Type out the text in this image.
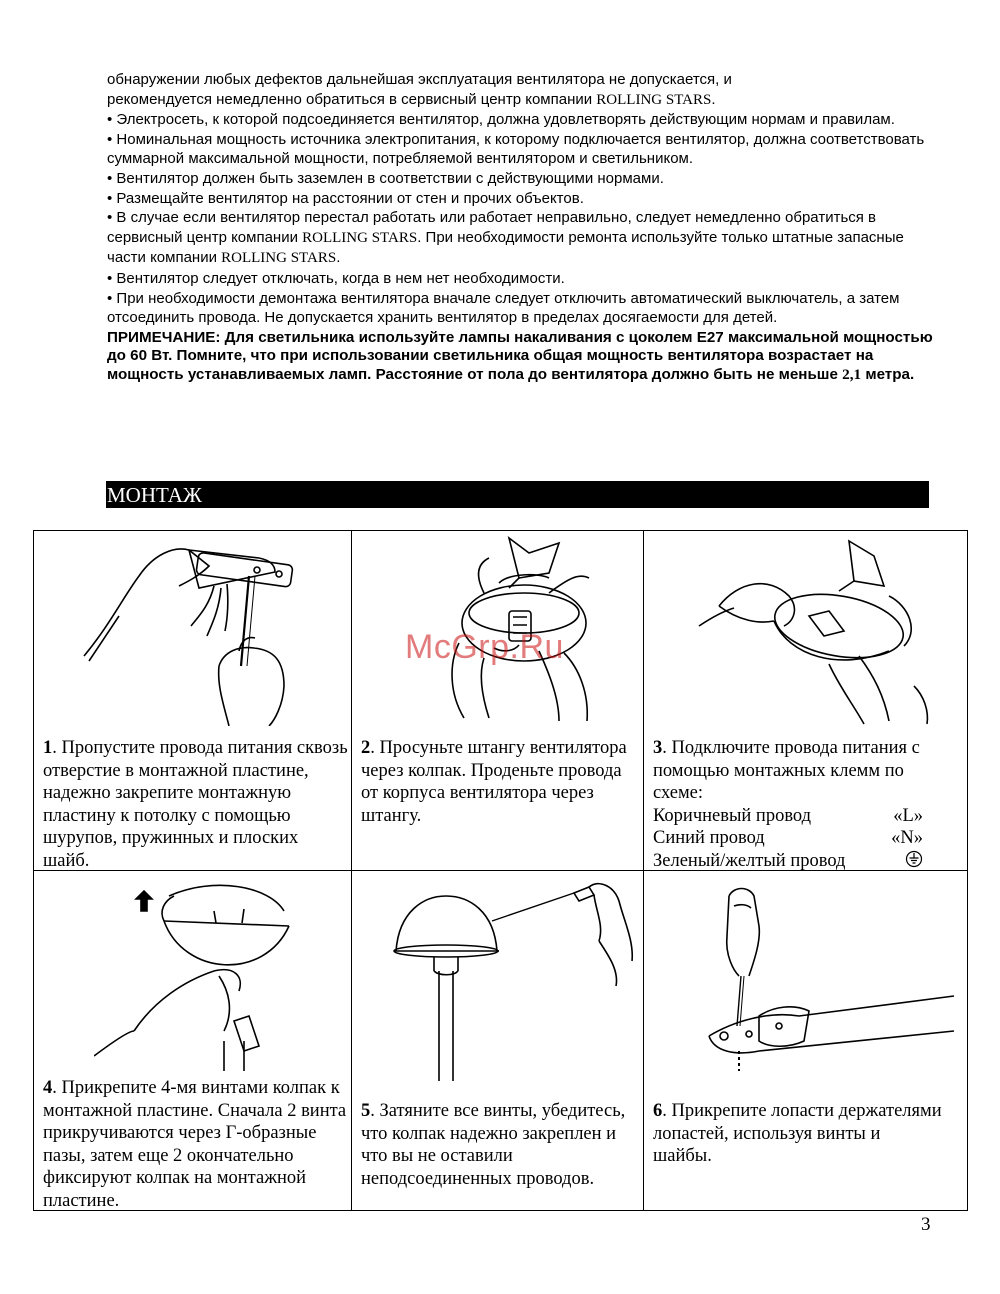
обнаружении любых дефектов дальнейшая эксплуатация вентилятора не допускается, и
рекомендуется немедленно обратиться в сервисный центр компании ROLLING STARS.

• Электросеть, к которой подсоединяется вентилятор, должна удовлетворять действующим нормам и правилам.

• Номинальная мощность источника электропитания, к которому подключается вентилятор, должна соответствовать суммарной максимальной мощности, потребляемой вентилятором и светильником.

• Вентилятор должен быть заземлен в соответствии с действующими нормами.

• Размещайте вентилятор на расстоянии от стен и прочих объектов.

• В случае если вентилятор перестал работать или работает неправильно, следует немедленно обратиться в сервисный центр компании ROLLING STARS. При необходимости ремонта используйте только штатные запасные части компании ROLLING STARS.

• Вентилятор следует отключать, когда в нем нет необходимости.

• При необходимости демонтажа вентилятора вначале следует отключить автоматический выключатель, а затем отсоединить провода. Не допускается хранить вентилятор в пределах досягаемости для детей.

ПРИМЕЧАНИЕ: Для светильника используйте лампы накаливания с цоколем Е27 максимальной мощностью до 60 Вт. Помните, что при использовании светильника общая мощность вентилятора возрастает на мощность устанавливаемых ламп. Расстояние от пола до вентилятора должно быть не меньше 2,1 метра.

МОНТАЖ
1. Пропустите провода питания сквозь отверстие в монтажной пластине, надежно закрепите монтажную пластину к потолку с помощью шурупов, пружинных и плоских шайб.
2. Просуньте штангу вентилятора через колпак. Проденьте провода от корпуса вентилятора через штангу.
3. Подключите провода питания с помощью монтажных клемм по схеме:
Коричневый провод	«L»
Синий провод	«N»
Зеленый/желтый провод
4. Прикрепите 4-мя винтами колпак к монтажной пластине. Сначала 2 винта прикручиваются через Г-образные пазы, затем еще 2 окончательно фиксируют колпак на монтажной пластине.
5. Затяните все винты, убедитесь, что колпак надежно закреплен и что вы не оставили неподсоединенных проводов.
6. Прикрепите лопасти держателями лопастей, используя винты и шайбы.
McGrp.Ru
3
